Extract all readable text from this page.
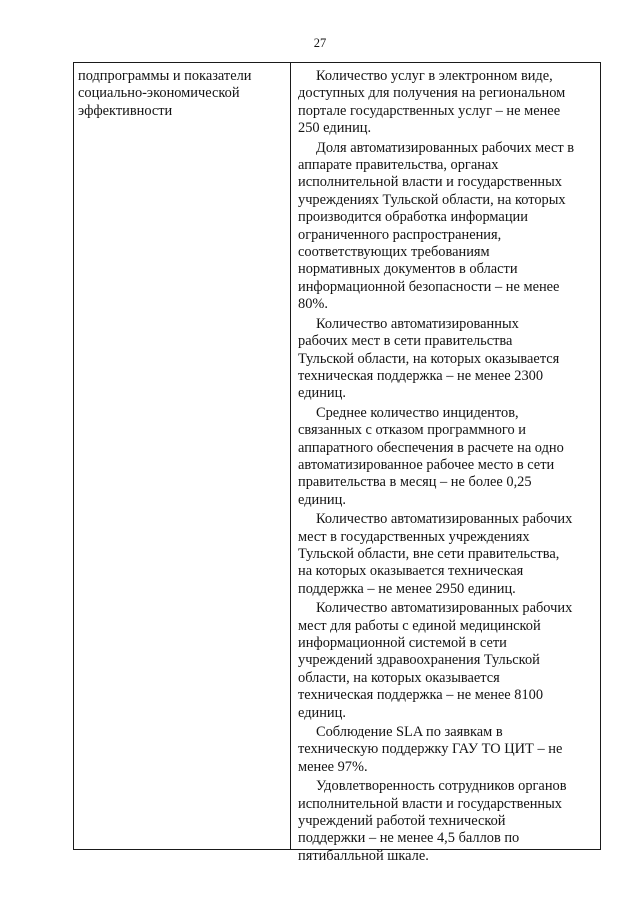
27
подпрограммы и показатели
социально-экономической
эффективности

Количество услуг в электронном виде,
доступных для получения на региональном
портале государственных услуг – не менее
250 единиц.

Доля автоматизированных рабочих мест в
аппарате правительства, органах
исполнительной власти и государственных
учреждениях Тульской области, на которых
производится обработка информации
ограниченного распространения,
соответствующих требованиям
нормативных документов в области
информационной безопасности – не менее
80%.

Количество автоматизированных
рабочих мест в сети правительства
Тульской области, на которых оказывается
техническая поддержка – не менее 2300
единиц.

Среднее количество инцидентов,
связанных с отказом программного и
аппаратного обеспечения в расчете на одно
автоматизированное рабочее место в сети
правительства в месяц – не более 0,25
единиц.

Количество автоматизированных рабочих
мест в государственных учреждениях
Тульской области, вне сети правительства,
на которых оказывается техническая
поддержка – не менее 2950 единиц.

Количество автоматизированных рабочих
мест для работы с единой медицинской
информационной системой в сети
учреждений здравоохранения Тульской
области, на которых оказывается
техническая поддержка – не менее 8100
единиц.

Соблюдение SLA по заявкам в
техническую поддержку ГАУ ТО ЦИТ – не
менее 97%.

Удовлетворенность сотрудников органов
исполнительной власти и государственных
учреждений работой технической
поддержки – не менее 4,5 баллов по
пятибалльной шкале.
